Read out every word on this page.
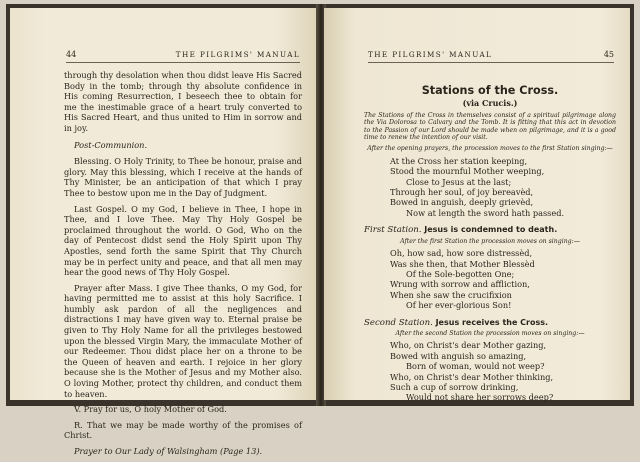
44	THE PILGRIMS' MANUAL

through thy desolation when thou didst leave His Sacred Body in the tomb; through thy absolute confidence in His coming Resurrection, I beseech thee to obtain for me the inestimable grace of a heart truly converted to His Sacred Heart, and thus united to Him in sorrow and in joy.

Post-Communion.

Blessing. O Holy Trinity, to Thee be honour, praise and glory. May this blessing, which I receive at the hands of Thy Minister, be an anticipation of that which I pray Thee to bestow upon me in the Day of Judgment.

Last Gospel. O my God, I believe in Thee, I hope in Thee, and I love Thee. May Thy Holy Gospel be proclaimed throughout the world. O God, Who on the day of Pentecost didst send the Holy Spirit upon Thy Apostles, send forth the same Spirit that Thy Church may be in perfect unity and peace, and that all men may hear the good news of Thy Holy Gospel.

Prayer after Mass. I give Thee thanks, O my God, for having permitted me to assist at this holy Sacrifice. I humbly ask pardon of all the negligences and distractions I may have given way to. Eternal praise be given to Thy Holy Name for all the privileges bestowed upon the blessed Virgin Mary, the immaculate Mother of our Redeemer. Thou didst place her on a throne to be the Queen of heaven and earth. I rejoice in her glory because she is the Mother of Jesus and my Mother also. O loving Mother, protect thy children, and conduct them to heaven.

V. Pray for us, O holy Mother of God.

R. That we may be made worthy of the promises of Christ.

Prayer to Our Lady of Walsingham (Page 13).

THE PILGRIMS' MANUAL	45
Stations of the Cross.
(via Crucis.)
The Stations of the Cross in themselves consist of a spiritual pilgrimage along the Via Dolorosa to Calvary and the Tomb. It is fitting that this act in devotion to the Passion of our Lord should be made when on pilgrimage, and it is a good time to renew the intention of our visit.
After the opening prayers, the procession moves to the first Station singing:—
At the Cross her station keeping,
Stood the mournful Mother weeping,
Close to Jesus at the last;
Through her soul, of joy bereavèd,
Bowed in anguish, deeply grievèd,
Now at length the sword hath passed.
First Station. Jesus is condemned to death.
After the first Station the procession moves on singing:—
Oh, how sad, how sore distressèd,
Was she then, that Mother Blessèd
Of the Sole-begotten One;
Wrung with sorrow and affliction,
When she saw the crucifixion
Of her ever-glorious Son!
Second Station. Jesus receives the Cross.
After the second Station the procession moves on singing:—
Who, on Christ's dear Mother gazing,
Bowed with anguish so amazing,
Born of woman, would not weep?
Who, on Christ's dear Mother thinking,
Such a cup of sorrow drinking,
Would not share her sorrows deep?
